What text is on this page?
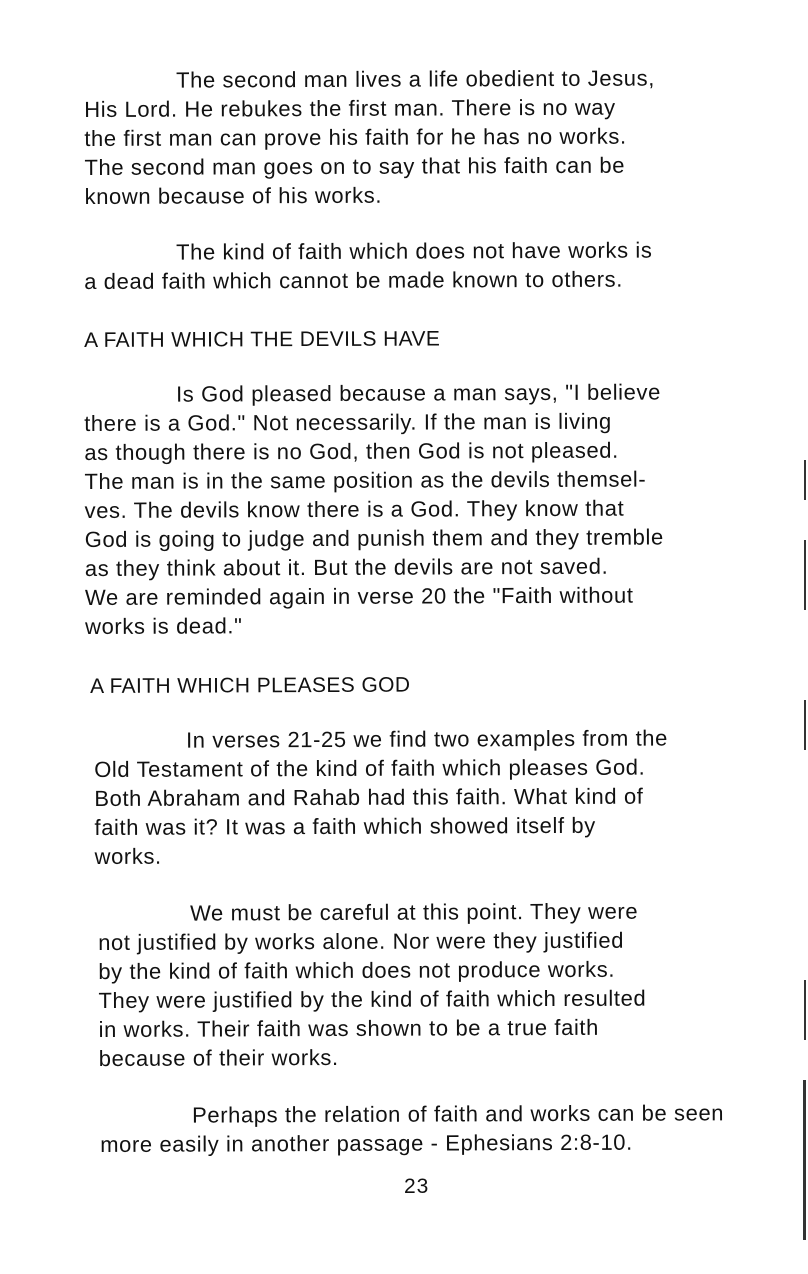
The second man lives a life obedient to Jesus,
His Lord. He rebukes the first man. There is no way
the first man can prove his faith for he has no works.
The second man goes on to say that his faith can be
known because of his works.

The kind of faith which does not have works is
a dead faith which cannot be made known to others.

A FAITH WHICH THE DEVILS HAVE

Is God pleased because a man says, "I believe
there is a God." Not necessarily. If the man is living
as though there is no God, then God is not pleased.
The man is in the same position as the devils themsel-
ves. The devils know there is a God. They know that
God is going to judge and punish them and they tremble
as they think about it. But the devils are not saved.
We are reminded again in verse 20 the "Faith without
works is dead."

A FAITH WHICH PLEASES GOD

In verses 21-25 we find two examples from the
Old Testament of the kind of faith which pleases God.
Both Abraham and Rahab had this faith. What kind of
faith was it? It was a faith which showed itself by
works.

We must be careful at this point. They were
not justified by works alone. Nor were they justified
by the kind of faith which does not produce works.
They were justified by the kind of faith which resulted
in works. Their faith was shown to be a true faith
because of their works.

Perhaps the relation of faith and works can be seen
more easily in another passage - Ephesians 2:8-10.

23
